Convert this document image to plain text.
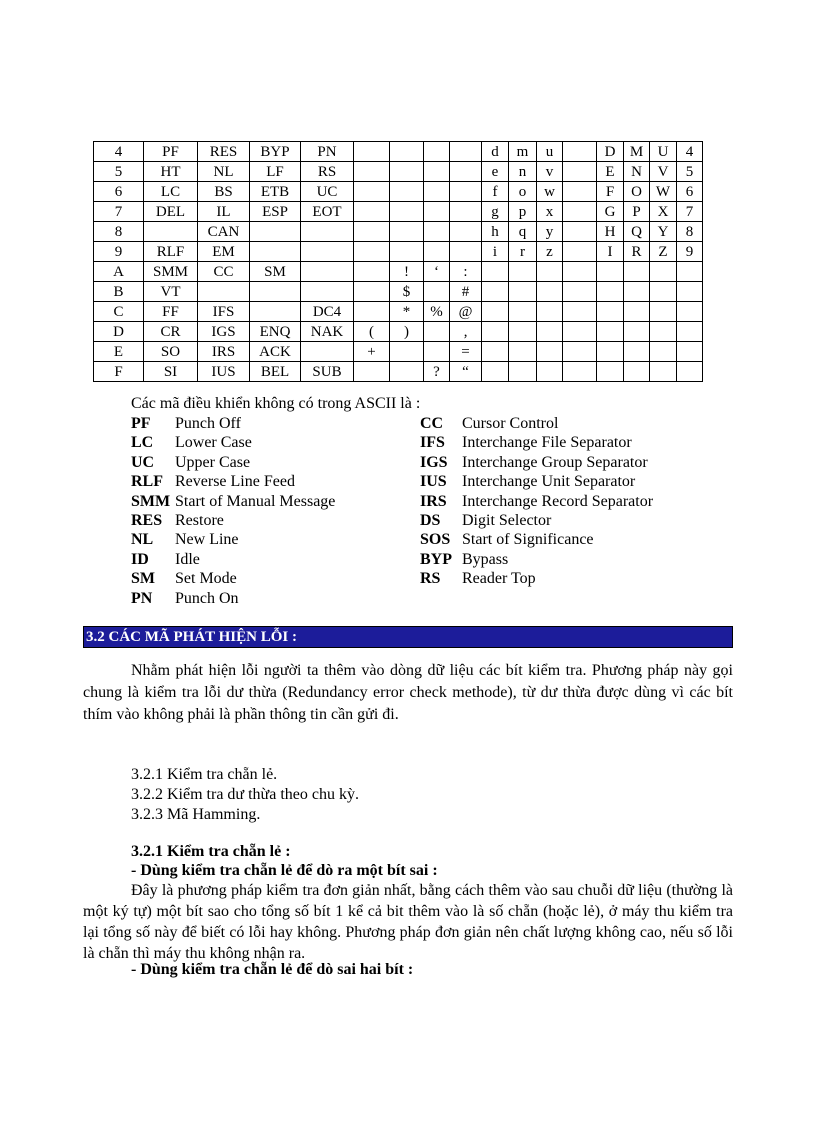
4	PF	RES	BYP	PN					d	m	u		D	M	U	4
5	HT	NL	LF	RS					e	n	v		E	N	V	5
6	LC	BS	ETB	UC					f	o	w		F	O	W	6
7	DEL	IL	ESP	EOT					g	p	x		G	P	X	7
8		CAN							h	q	y		H	Q	Y	8
9	RLF	EM							i	r	z		I	R	Z	9
A	SMM	CC	SM			!	‘	:								
B	VT					$		#								
C	FF	IFS		DC4		*	%	@								
D	CR	IGS	ENQ	NAK	(	)		‚								
E	SO	IRS	ACK		+			=								
F	SI	IUS	BEL	SUB			?	“								
Các mã điều khiển không có trong ASCII là :
PF Punch Off
LC Lower Case
UC Upper Case
RLF Reverse Line Feed
SMM Start of Manual Message
RES Restore
NL New Line
ID Idle
SM Set Mode
PN Punch On
CC Cursor Control
IFS Interchange File Separator
IGS Interchange Group Separator
IUS Interchange Unit Separator
IRS Interchange Record Separator
DS Digit Selector
SOS Start of Significance
BYP Bypass
RS Reader Top
3.2 CÁC MÃ PHÁT HIỆN LỖI :
Nhằm phát hiện lỗi người ta thêm vào dòng dữ liệu các bít kiểm tra. Phương pháp này gọi chung là kiểm tra lỗi dư thừa (Redundancy error check methode), từ dư thừa được dùng vì các bít thím vào không phải là phần thông tin cần gửi đi.
3.2.1 Kiểm tra chẵn lẻ.
3.2.2 Kiểm tra dư thừa theo chu kỳ.
3.2.3 Mã Hamming.
3.2.1 Kiểm tra chẵn lẻ :
- Dùng kiểm tra chẵn lẻ để dò ra một bít sai :
Đây là phương pháp kiểm tra đơn giản nhất, bằng cách thêm vào sau chuỗi dữ liệu (thường là một ký tự) một bít sao cho tổng số bít 1 kể cả bit thêm vào là số chẵn (hoặc lẻ), ở máy thu kiểm tra lại tổng số này để biết có lỗi hay không. Phương pháp đơn giản nên chất lượng không cao, nếu số lỗi là chẵn thì máy thu không nhận ra.
- Dùng kiểm tra chẵn lẻ để dò sai hai bít :
